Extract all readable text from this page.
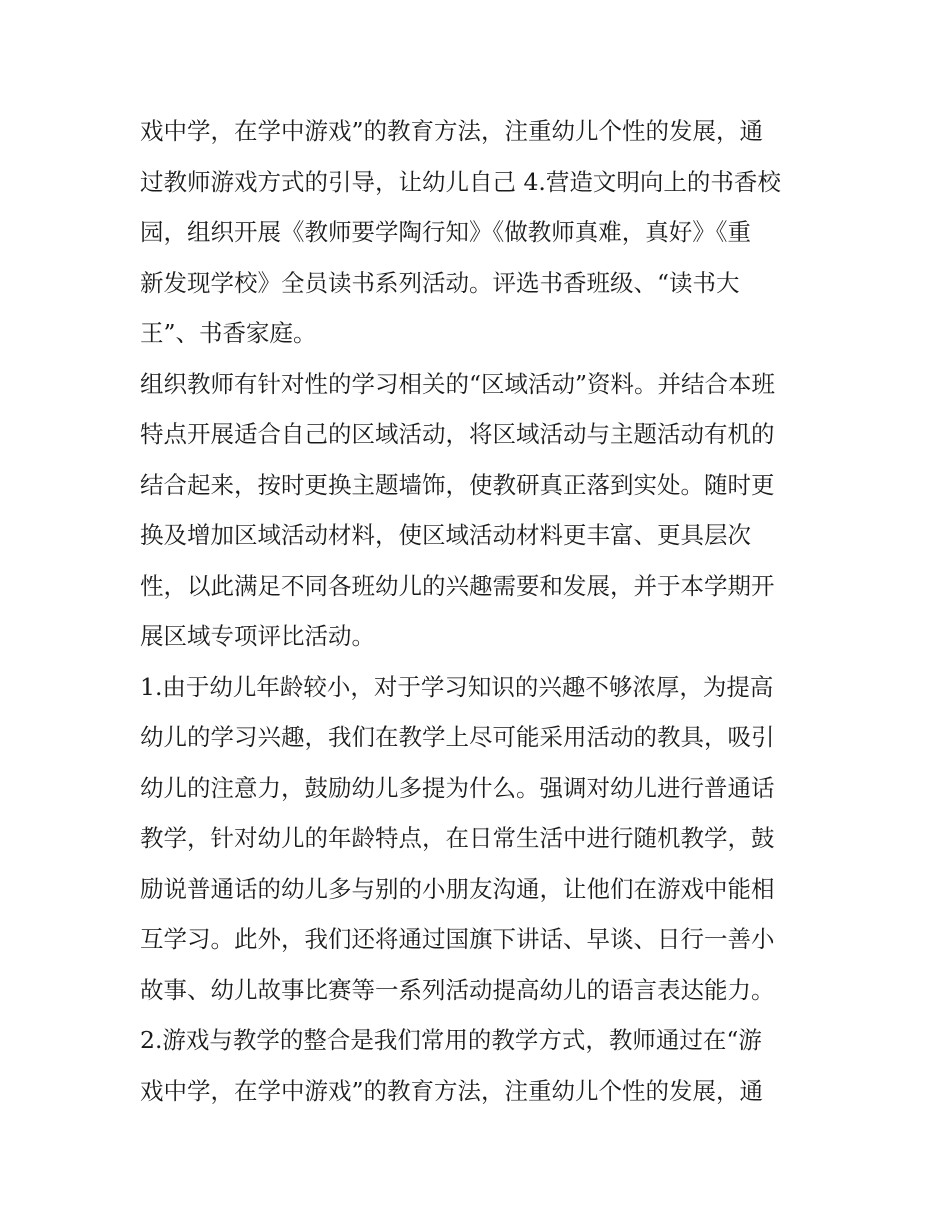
戏中学，在学中游戏”的教育方法，注重幼儿个性的发展，通
过教师游戏方式的引导，让幼儿自己 4.营造文明向上的书香校
园，组织开展《教师要学陶行知》《做教师真难，真好》《重
新发现学校》全员读书系列活动。评选书香班级、“读书大
王”、书香家庭。
组织教师有针对性的学习相关的“区域活动”资料。并结合本班
特点开展适合自己的区域活动，将区域活动与主题活动有机的
结合起来，按时更换主题墙饰，使教研真正落到实处。随时更
换及增加区域活动材料，使区域活动材料更丰富、更具层次
性，以此满足不同各班幼儿的兴趣需要和发展，并于本学期开
展区域专项评比活动。
1.由于幼儿年龄较小，对于学习知识的兴趣不够浓厚，为提高
幼儿的学习兴趣，我们在教学上尽可能采用活动的教具，吸引
幼儿的注意力，鼓励幼儿多提为什么。强调对幼儿进行普通话
教学，针对幼儿的年龄特点，在日常生活中进行随机教学，鼓
励说普通话的幼儿多与别的小朋友沟通，让他们在游戏中能相
互学习。此外，我们还将通过国旗下讲话、早谈、日行一善小
故事、幼儿故事比赛等一系列活动提高幼儿的语言表达能力。
2.游戏与教学的整合是我们常用的教学方式，教师通过在“游
戏中学，在学中游戏”的教育方法，注重幼儿个性的发展，通
